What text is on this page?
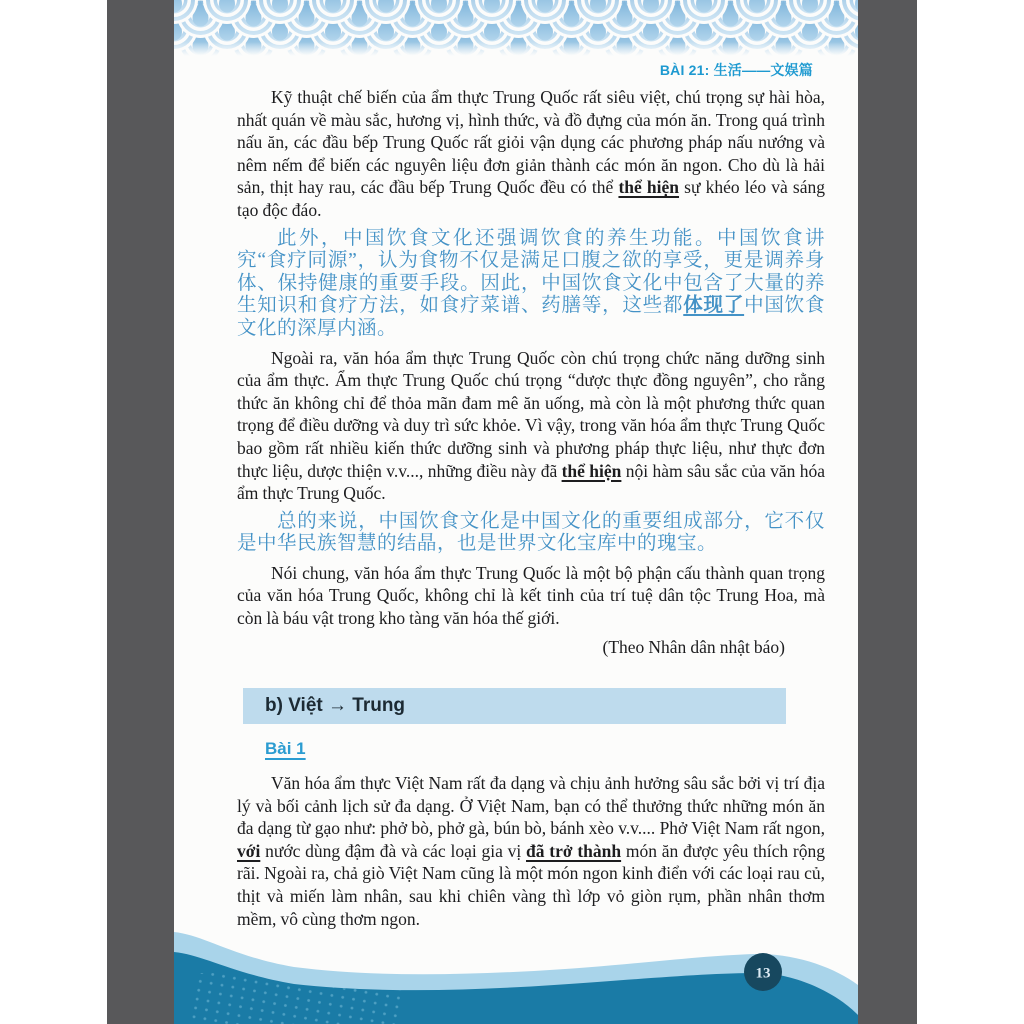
BÀI 21: 生活——文娱篇

Kỹ thuật chế biến của ẩm thực Trung Quốc rất siêu việt, chú trọng sự hài hòa, nhất quán về màu sắc, hương vị, hình thức, và đồ đựng của món ăn. Trong quá trình nấu ăn, các đầu bếp Trung Quốc rất giỏi vận dụng các phương pháp nấu nướng và nêm nếm để biến các nguyên liệu đơn giản thành các món ăn ngon. Cho dù là hải sản, thịt hay rau, các đầu bếp Trung Quốc đều có thể thể hiện sự khéo léo và sáng tạo độc đáo.

此外，中国饮食文化还强调饮食的养生功能。中国饮食讲究“食疗同源”，认为食物不仅是满足口腹之欲的享受，更是调养身体、保持健康的重要手段。因此，中国饮食文化中包含了大量的养生知识和食疗方法，如食疗菜谱、药膳等，这些都体现了中国饮食文化的深厚内涵。

Ngoài ra, văn hóa ẩm thực Trung Quốc còn chú trọng chức năng dưỡng sinh của ẩm thực. Ẩm thực Trung Quốc chú trọng “dược thực đồng nguyên”, cho rằng thức ăn không chỉ để thỏa mãn đam mê ăn uống, mà còn là một phương thức quan trọng để điều dưỡng và duy trì sức khỏe. Vì vậy, trong văn hóa ẩm thực Trung Quốc bao gồm rất nhiều kiến thức dưỡng sinh và phương pháp thực liệu, như thực đơn thực liệu, dược thiện v.v..., những điều này đã thể hiện nội hàm sâu sắc của văn hóa ẩm thực Trung Quốc.

总的来说，中国饮食文化是中国文化的重要组成部分，它不仅是中华民族智慧的结晶，也是世界文化宝库中的瑰宝。

Nói chung, văn hóa ẩm thực Trung Quốc là một bộ phận cấu thành quan trọng của văn hóa Trung Quốc, không chỉ là kết tinh của trí tuệ dân tộc Trung Hoa, mà còn là báu vật trong kho tàng văn hóa thế giới.

(Theo Nhân dân nhật báo)

b) Việt → Trung
Bài 1

Văn hóa ẩm thực Việt Nam rất đa dạng và chịu ảnh hưởng sâu sắc bởi vị trí địa lý và bối cảnh lịch sử đa dạng. Ở Việt Nam, bạn có thể thưởng thức những món ăn đa dạng từ gạo như: phở bò, phở gà, bún bò, bánh xèo v.v.... Phở Việt Nam rất ngon, với nước dùng đậm đà và các loại gia vị đã trở thành món ăn được yêu thích rộng rãi. Ngoài ra, chả giò Việt Nam cũng là một món ngon kinh điển với các loại rau củ, thịt và miến làm nhân, sau khi chiên vàng thì lớp vỏ giòn rụm, phần nhân thơm mềm, vô cùng thơm ngon.

13
